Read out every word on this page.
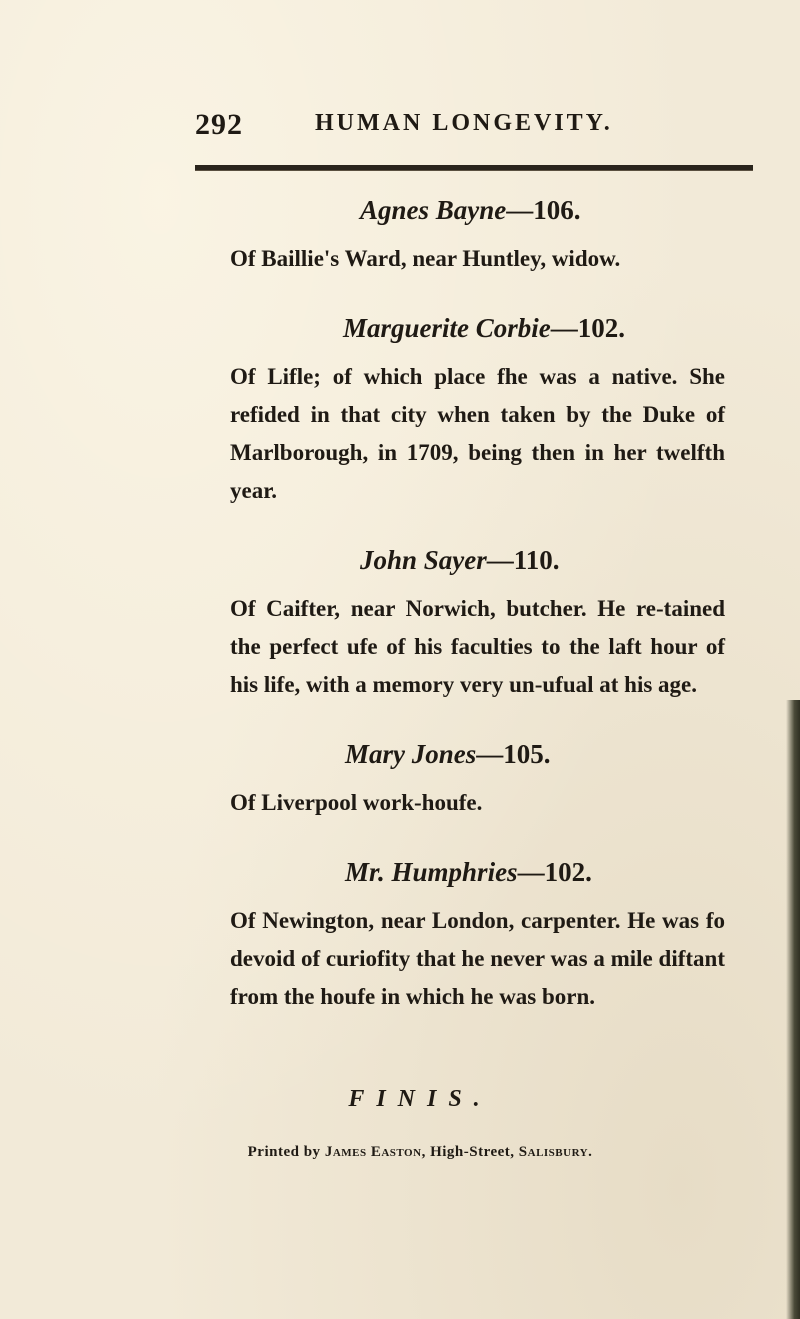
292	HUMAN LONGEVITY.
Agnes Bayne—106.
Of Baillie's Ward, near Huntley, widow.
Marguerite Corbie—102.
Of Lifle; of which place fhe was a native. She refided in that city when taken by the Duke of Marlborough, in 1709, being then in her twelfth year.
John Sayer—110.
Of Caifter, near Norwich, butcher. He re-tained the perfect ufe of his faculties to the laft hour of his life, with a memory very un-ufual at his age.
Mary Jones—105.
Of Liverpool work-houfe.
Mr. Humphries—102.
Of Newington, near London, carpenter. He was fo devoid of curiofity that he never was a mile diftant from the houfe in which he was born.
FINIS.
Printed by James Easton, High-Street, Salisbury.
